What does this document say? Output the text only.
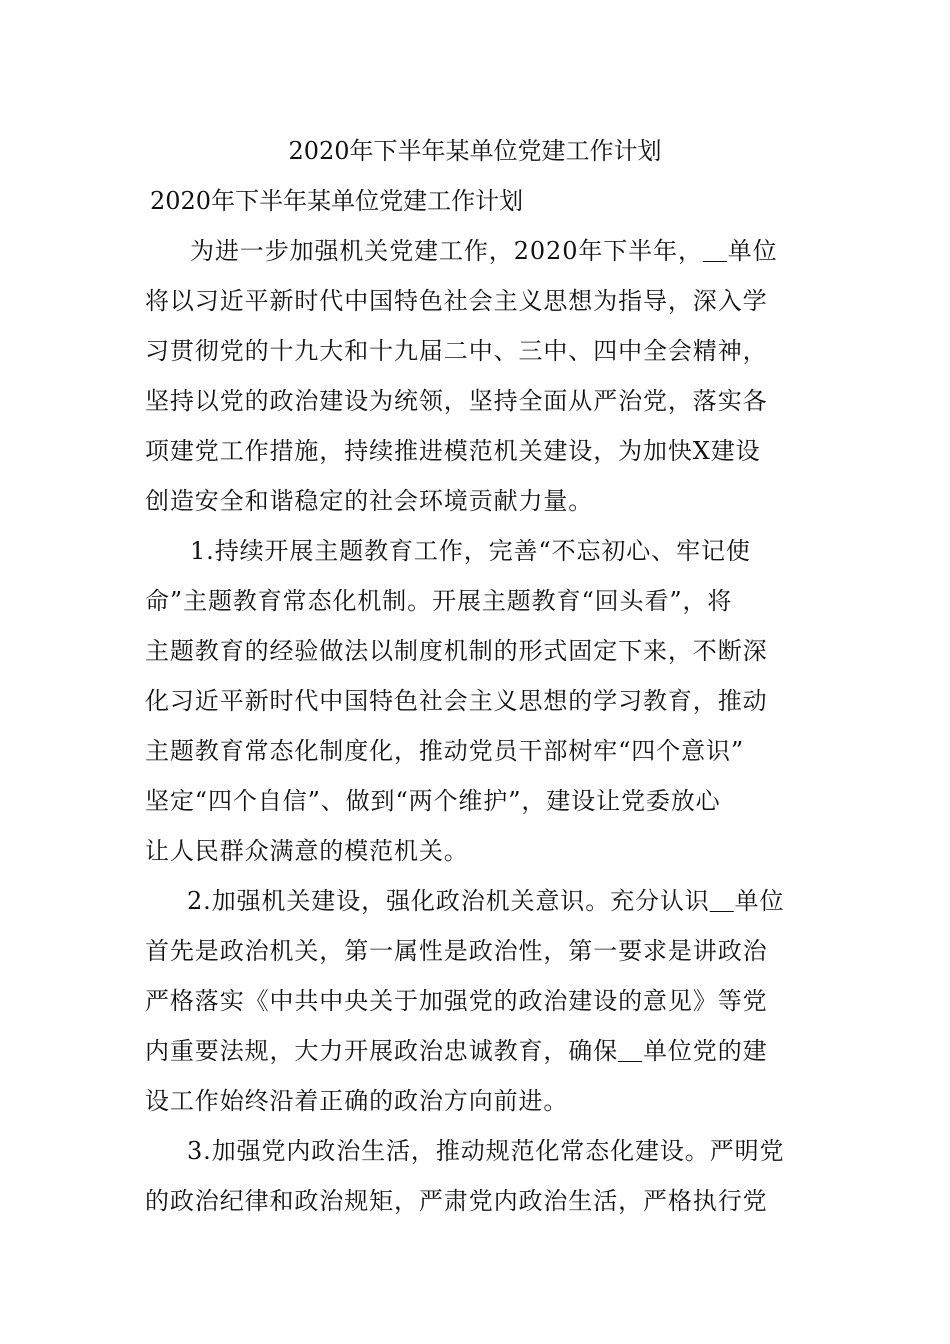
2020年下半年某单位党建工作计划
2020年下半年某单位党建工作计划
为进一步加强机关党建工作，2020年下半年，＿单位
将以习近平新时代中国特色社会主义思想为指导，深入学
习贯彻党的十九大和十九届二中、三中、四中全会精神，
坚持以党的政治建设为统领，坚持全面从严治党，落实各
项建党工作措施，持续推进模范机关建设，为加快X建设
创造安全和谐稳定的社会环境贡献力量。
1.持续开展主题教育工作，完善“不忘初心、牢记使
命”主题教育常态化机制。开展主题教育“回头看”，将
主题教育的经验做法以制度机制的形式固定下来，不断深
化习近平新时代中国特色社会主义思想的学习教育，推动
主题教育常态化制度化，推动党员干部树牢“四个意识”
坚定“四个自信”、做到“两个维护”，建设让党委放心
让人民群众满意的模范机关。
2.加强机关建设，强化政治机关意识。充分认识＿单位
首先是政治机关，第一属性是政治性，第一要求是讲政治
严格落实《中共中央关于加强党的政治建设的意见》等党
内重要法规，大力开展政治忠诚教育，确保＿单位党的建
设工作始终沿着正确的政治方向前进。
3.加强党内政治生活，推动规范化常态化建设。严明党
的政治纪律和政治规矩，严肃党内政治生活，严格执行党
